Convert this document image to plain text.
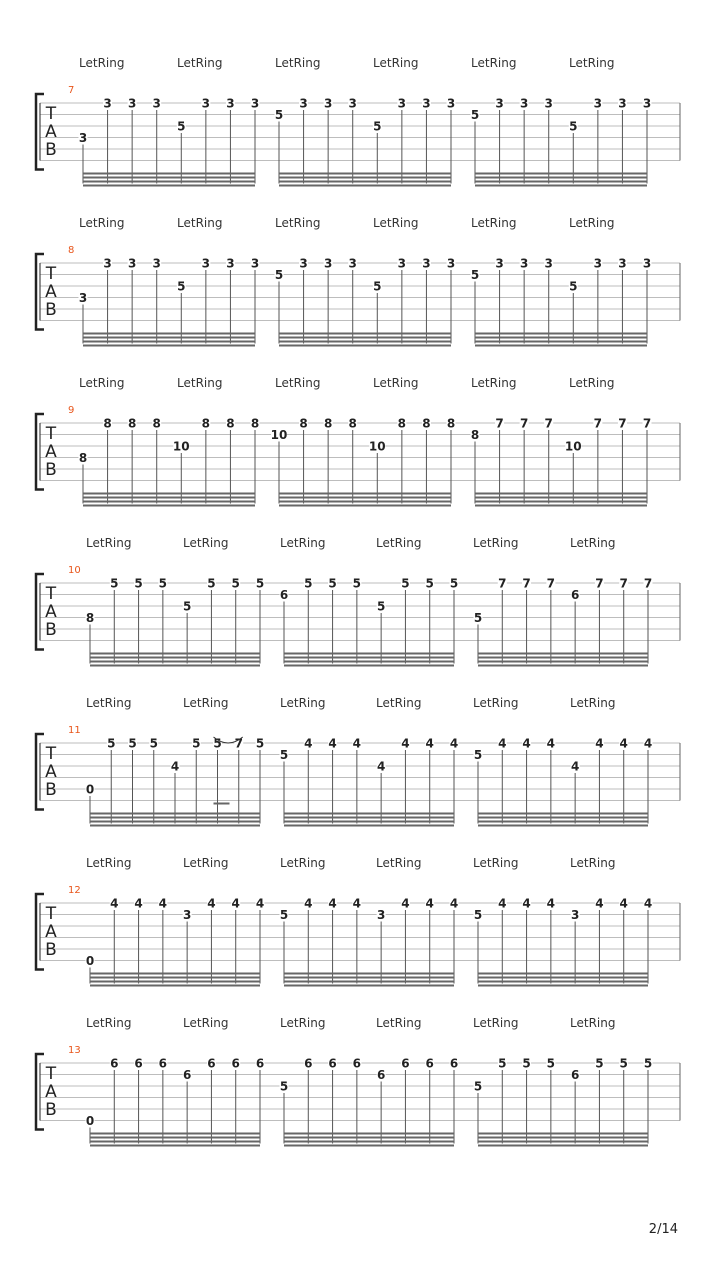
LetRing	LetRing	LetRing	LetRing	LetRing	LetRing
7
T
A
B
3
3 3 3
5
3 3 3
5
3 3 3
5
3 3 3
5
3 3 3
5
3 3 3
LetRing	LetRing	LetRing	LetRing	LetRing	LetRing
8
T
A
B
3
3 3 3
5
3 3 3
5
3 3 3
5
3 3 3
5
3 3 3
5
3 3 3
LetRing	LetRing	LetRing	LetRing	LetRing	LetRing
9
T
A
B
8
8 8 8
10
8 8 8
10
8 8 8
10
8 8 8
8
7 7 7
10
7 7 7
LetRing	LetRing	LetRing	LetRing	LetRing	LetRing
10
T
A
B
8
5 5 5
5
5 5 5
6
5 5 5
5
5 5 5
5
7 7 7
6
7 7 7
LetRing	LetRing	LetRing	LetRing	LetRing	LetRing
11
T
A
B 0
5 5 5
4
5 5 7 5
5
4 4 4
4
4 4 4
5
4 4 4
4
4 4 4
LetRing	LetRing	LetRing	LetRing	LetRing	LetRing
12
T
A
B
0
4 4 4
3
4 4 4
5
4 4 4
3
4 4 4
5
4 4 4
3
4 4 4
LetRing	LetRing	LetRing	LetRing	LetRing	LetRing
13
T
A
B
0
6 6 6
6
6 6 6
5
6 6 6
6
6 6 6
5
5 5 5
6
5 5 5
2/14
